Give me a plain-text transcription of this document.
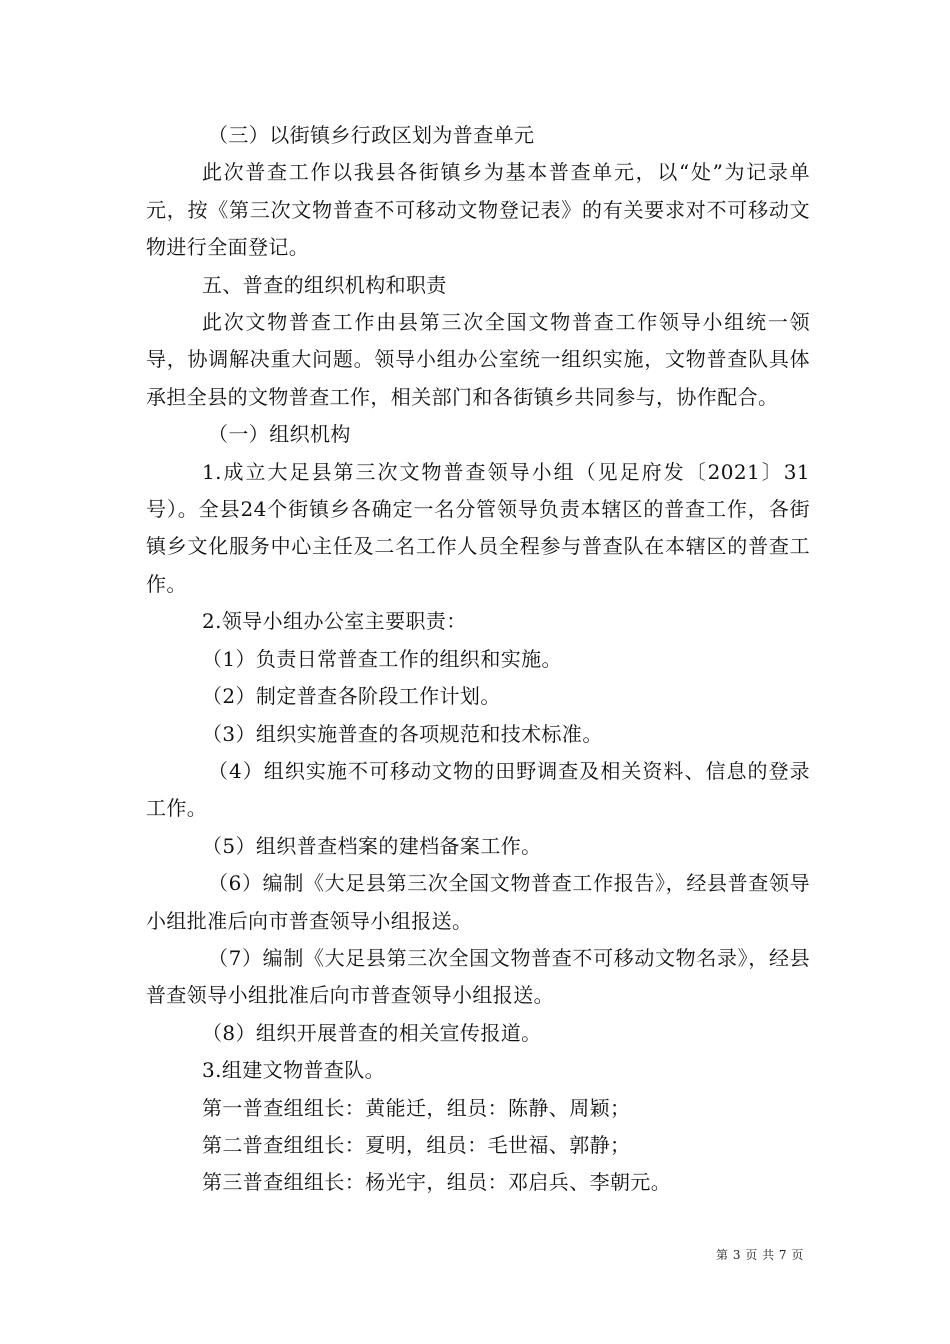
（三）以街镇乡行政区划为普查单元

此次普查工作以我县各街镇乡为基本普查单元，以“处”为记录单元，按《第三次文物普查不可移动文物登记表》的有关要求对不可移动文物进行全面登记。

五、普查的组织机构和职责

此次文物普查工作由县第三次全国文物普查工作领导小组统一领导，协调解决重大问题。领导小组办公室统一组织实施，文物普查队具体承担全县的文物普查工作，相关部门和各街镇乡共同参与，协作配合。

（一）组织机构

1.成立大足县第三次文物普查领导小组（见足府发〔2021〕31号）。全县24个街镇乡各确定一名分管领导负责本辖区的普查工作，各街镇乡文化服务中心主任及二名工作人员全程参与普查队在本辖区的普查工作。

2.领导小组办公室主要职责：

（1）负责日常普查工作的组织和实施。

（2）制定普查各阶段工作计划。

（3）组织实施普查的各项规范和技术标准。

（4）组织实施不可移动文物的田野调查及相关资料、信息的登录工作。

（5）组织普查档案的建档备案工作。

（6）编制《大足县第三次全国文物普查工作报告》，经县普查领导小组批准后向市普查领导小组报送。

（7）编制《大足县第三次全国文物普查不可移动文物名录》，经县普查领导小组批准后向市普查领导小组报送。

（8）组织开展普查的相关宣传报道。

3.组建文物普查队。

第一普查组组长：黄能迁，组员：陈静、周颖；

第二普查组组长：夏明，组员：毛世福、郭静；

第三普查组组长：杨光宇，组员：邓启兵、李朝元。

第 3 页 共 7 页
